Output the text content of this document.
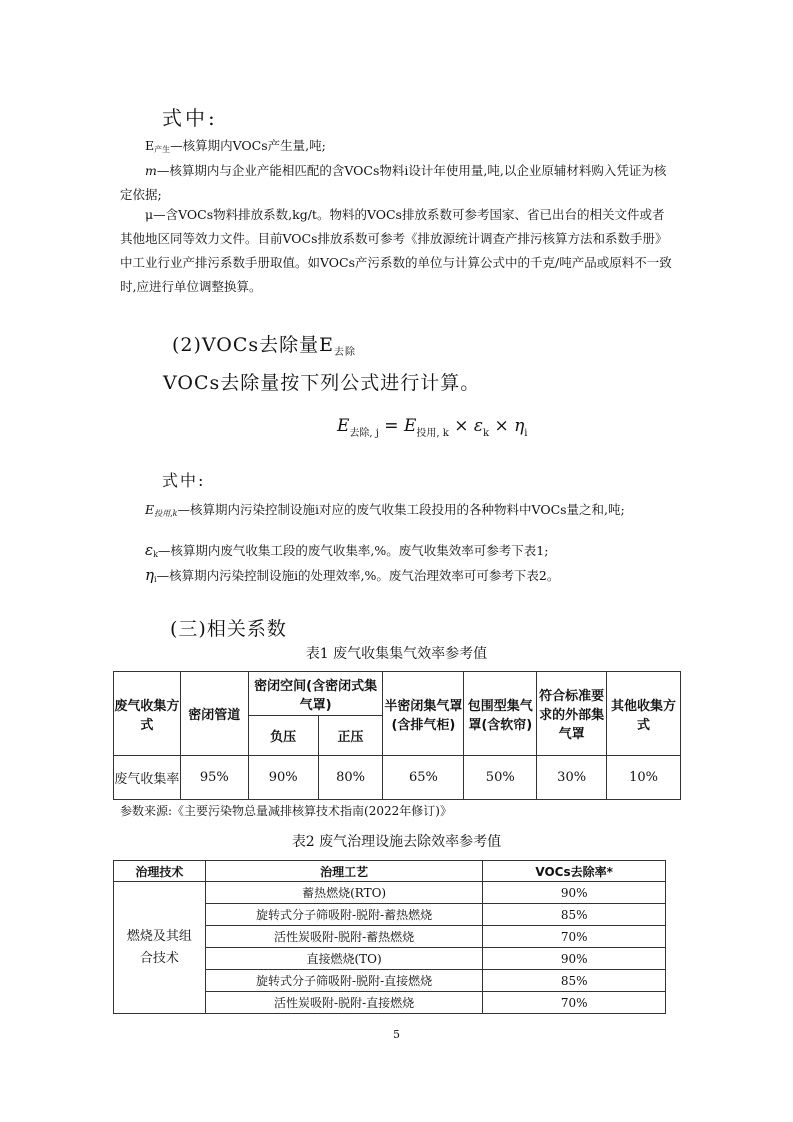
式中:
  $E_{产生}—$核算期内VOCs产生量,吨;
  m—核算期内与企业产能相匹配的含VOCs物料i设计年使用量,吨,以企业原辅材料购入凭证为核定依据;
  μ—含VOCs物料排放系数,kg/t。物料的VOCs排放系数可参考国家、省已出台的相关文件或者其他地区同等效力文件。目前VOCs排放系数可参考《排放源统计调查产排污核算方法和系数手册》中工业行业产排污系数手册取值。如VOCs产污系数的单位与计算公式中的千克/吨产品或原料不一致时,应进行单位调整换算。
(2)VOCs去除量$E_{去除}$
VOCs去除量按下列公式进行计算。
$E_{去除, j} = E_{投用, k} \times \varepsilon_k \times \eta_i$
式中:
  $E_{投用,k}—$核算期内污染控制设施i对应的废气收集工段投用的各种物料中VOCs量之和,吨;
  $\varepsilon_k—$核算期内废气收集工段的废气收集率,%。废气收集效率可参考下表1;
  $\eta_i—$核算期内污染控制设施i的处理效率,%。废气治理效率可可参考下表2。
(三)相关系数
表1 废气收集集气效率参考值
废气收集方式	密闭管道	密闭空间(含密闭式集气罩)		半密闭集气罩(含排气柜)	包围型集气罩(含软帘)	符合标准要求的外部集气罩	其他收集方式
		负压	正压				
废气收集率	95%	90%	80%	65%	50%	30%	10%
参数来源:《主要污染物总量减排核算技术指南(2022年修订)》
表2 废气治理设施去除效率参考值
治理技术	治理工艺	VOCs去除率*
燃烧及其组合技术	蓄热燃烧(RTO)	90%
	旋转式分子筛吸附-脱附-蓄热燃烧	85%
	活性炭吸附-脱附-蓄热燃烧	70%
	直接燃烧(TO)	90%
	旋转式分子筛吸附-脱附-直接燃烧	85%
	活性炭吸附-脱附-直接燃烧	70%
5
